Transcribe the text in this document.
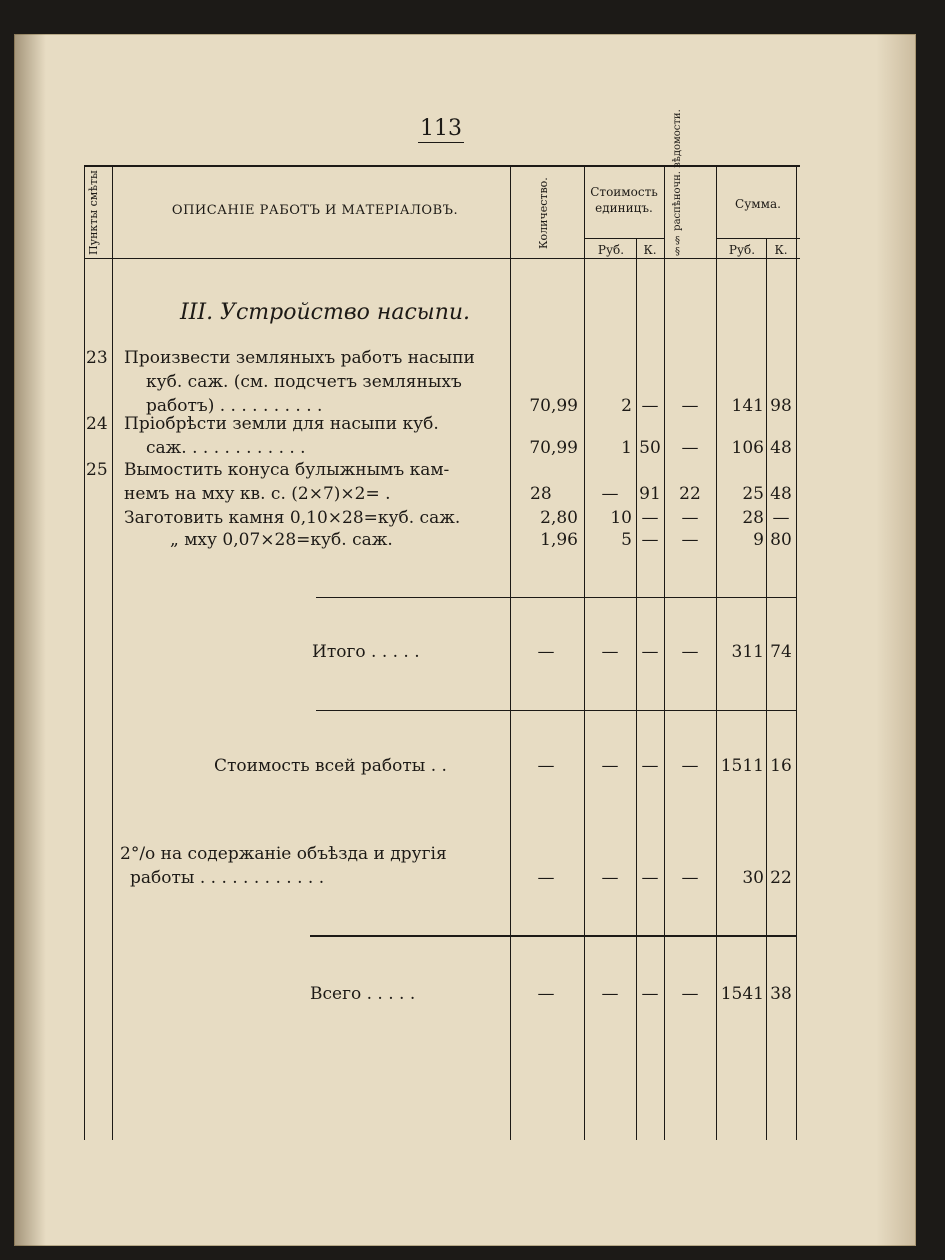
113
Пункты смѣты	ОПИСАНІЕ РАБОТЪ И МАТЕРІАЛОВЪ.	Количество.	Стоимость единицъ.
Руб.	К.	§§ распѣночн. вѣдомости.	Сумма.
Руб.	К.
III. Устройство насыпи.
23 Произвести земляныхъ работъ насыпи
куб. саж. (см. подсчетъ земляныхъ
работъ) . . . . . . . . . .	70,99	2 —	—	141 98
24 Пріобрѣсти земли для насыпи куб.
саж. . . . . . . . . . . .	70,99	1 50	—	106 48
25 Вымостить конуса булыжнымъ кам-
немъ на мху кв. с. (2×7)×2= .	28	—	91	22	25 48
Заготовить камня 0,10×28=куб. саж.	2,80	10 —	—	28 —
„ мху 0,07×28=куб. саж.	1,96	5 —	—	9 80
Итого . . . . .	—	—	—	—	311 74
Стоимость всей работы . .	—	—	—	—	1511 16
2°/о на содержаніе объѣзда и другія
работы . . . . . . . . . . . .	—	—	—	—	30 22
Всего . . . . .	—	—	—	—	1541 38
